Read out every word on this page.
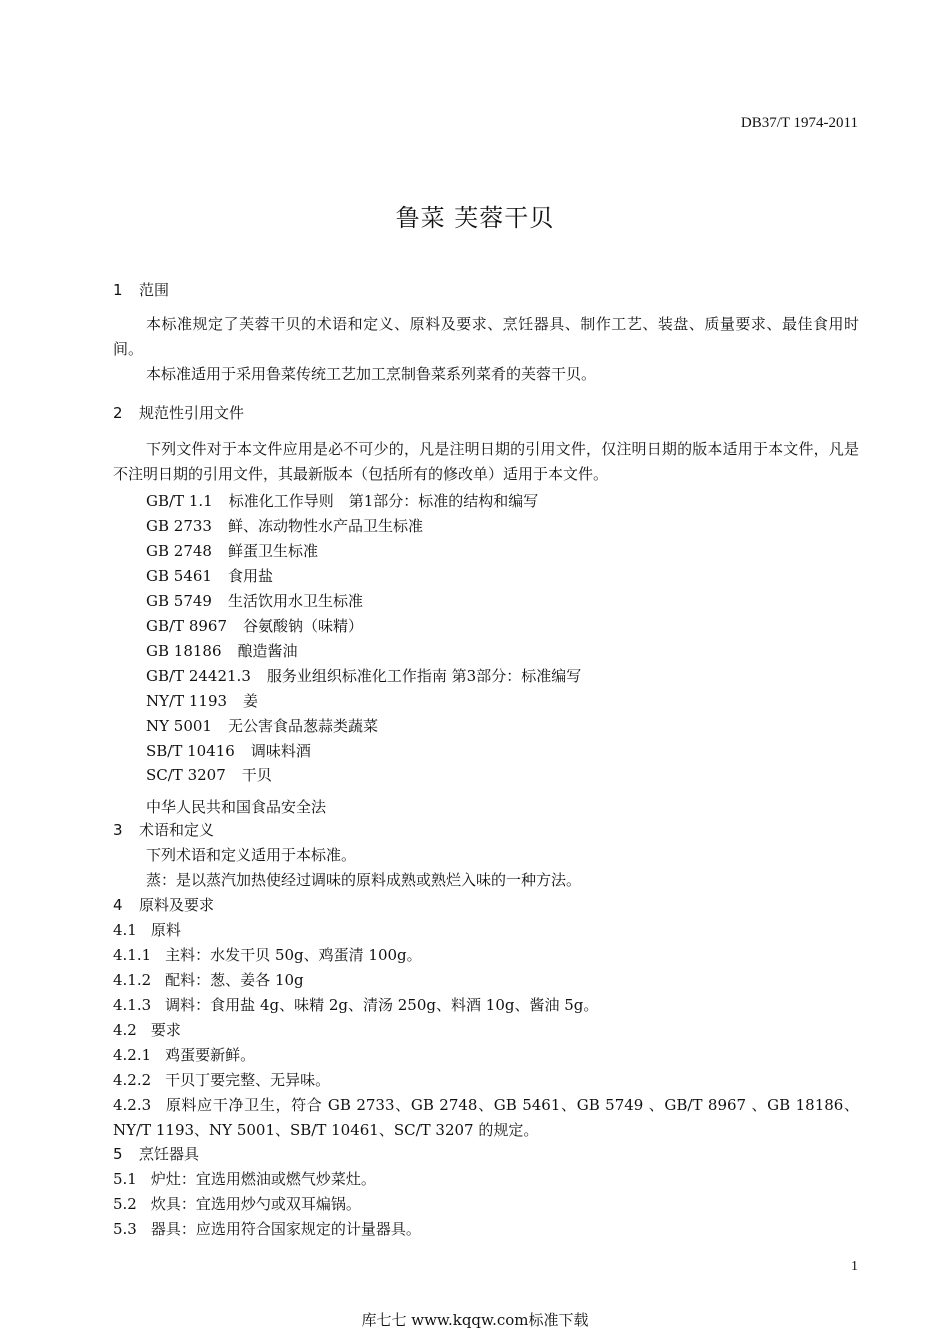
DB37/T 1974-2011
鲁菜 芙蓉干贝
1 范围
本标准规定了芙蓉干贝的术语和定义、原料及要求、烹饪器具、制作工艺、装盘、质量要求、最佳食用时间。
本标准适用于采用鲁菜传统工艺加工烹制鲁菜系列菜肴的芙蓉干贝。
2 规范性引用文件
下列文件对于本文件应用是必不可少的，凡是注明日期的引用文件，仅注明日期的版本适用于本文件，凡是不注明日期的引用文件，其最新版本（包括所有的修改单）适用于本文件。
GB/T 1.1 标准化工作导则　第1部分：标准的结构和编写
GB 2733 鲜、冻动物性水产品卫生标准
GB 2748 鲜蛋卫生标准
GB 5461 食用盐
GB 5749 生活饮用水卫生标准
GB/T 8967 谷氨酸钠（味精）
GB 18186 酿造酱油
GB/T 24421.3 服务业组织标准化工作指南 第3部分：标准编写
NY/T 1193 姜
NY 5001 无公害食品葱蒜类蔬菜
SB/T 10416 调味料酒
SC/T 3207 干贝
中华人民共和国食品安全法
3 术语和定义
下列术语和定义适用于本标准。
蒸：是以蒸汽加热使经过调味的原料成熟或熟烂入味的一种方法。
4 原料及要求
4.1 原料
4.1.1 主料：水发干贝 50g、鸡蛋清 100g。
4.1.2 配料：葱、姜各 10g
4.1.3 调料：食用盐 4g、味精 2g、清汤 250g、料酒 10g、酱油 5g。
4.2 要求
4.2.1 鸡蛋要新鲜。
4.2.2 干贝丁要完整、无异味。
4.2.3 原料应干净卫生，符合 GB 2733、GB 2748、GB 5461、GB 5749 、GB/T 8967 、GB 18186、 NY/T 1193、NY 5001、SB/T 10461、SC/T 3207 的规定。
5 烹饪器具
5.1 炉灶：宜选用燃油或燃气炒菜灶。
5.2 炊具：宜选用炒勺或双耳煸锅。
5.3 器具：应选用符合国家规定的计量器具。
1
库七七 www.kqqw.com标准下载
